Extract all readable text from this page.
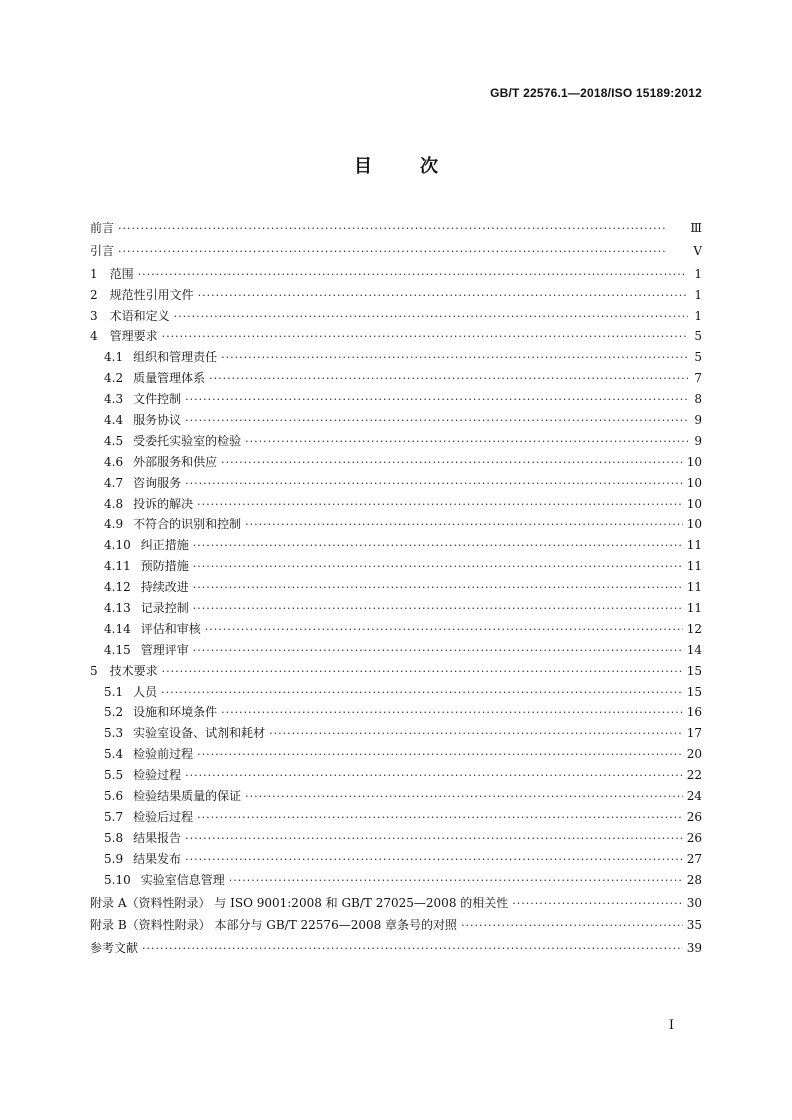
GB/T 22576.1—2018/ISO 15189:2012
目	次
前言 ·····	Ⅲ
引言 ·····	Ⅴ
1 范围 ·····	1
2 规范性引用文件 ·····	1
3 术语和定义 ·····	1
4 管理要求 ·····	5
4.1 组织和管理责任 ·····	5
4.2 质量管理体系 ·····	7
4.3 文件控制 ·····	8
4.4 服务协议 ·····	9
4.5 受委托实验室的检验 ·····	9
4.6 外部服务和供应 ·····	10
4.7 咨询服务 ·····	10
4.8 投诉的解决 ·····	10
4.9 不符合的识别和控制 ·····	10
4.10 纠正措施 ·····	11
4.11 预防措施 ·····	11
4.12 持续改进 ·····	11
4.13 记录控制 ·····	11
4.14 评估和审核 ·····	12
4.15 管理评审 ·····	14
5 技术要求 ·····	15
5.1 人员 ·····	15
5.2 设施和环境条件 ·····	16
5.3 实验室设备、试剂和耗材 ·····	17
5.4 检验前过程 ·····	20
5.5 检验过程 ·····	22
5.6 检验结果质量的保证 ·····	24
5.7 检验后过程 ·····	26
5.8 结果报告 ·····	26
5.9 结果发布 ·····	27
5.10 实验室信息管理 ·····	28
附录 A（资料性附录） 与 ISO 9001:2008 和 GB/T 27025—2008 的相关性 ·····	30
附录 B（资料性附录） 本部分与 GB/T 22576—2008 章条号的对照 ·····	35
参考文献 ·····	39
I
